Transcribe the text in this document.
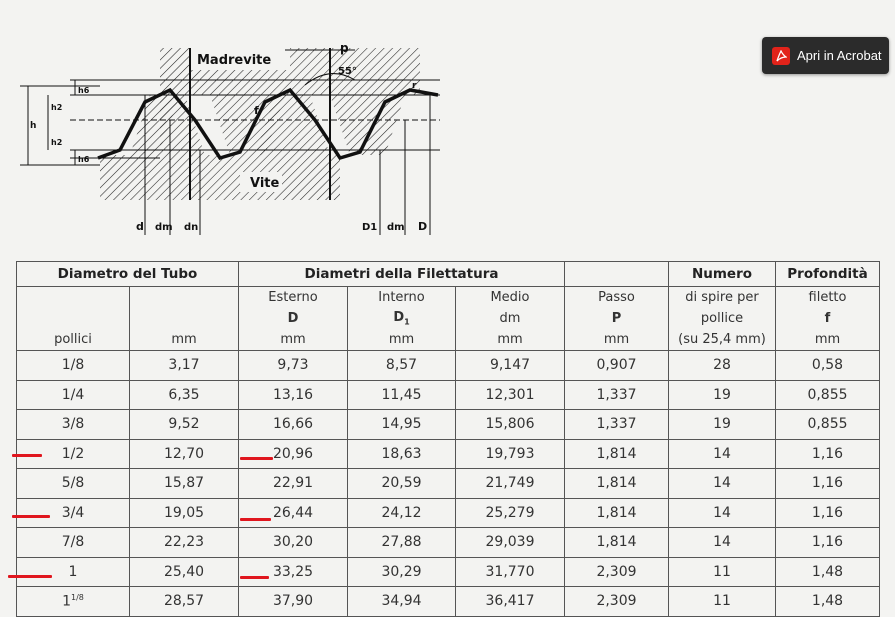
Apri in Acrobat
Madrevite
Vite
p
55°
h6
h2
h
h2
h6
f
r
d dm dn	D1 dm D
Diametro del Tubo		Diametri della Filettatura				Numero	Profondità
		Esterno	Interno	Medio	Passo	di spire per	filetto
		D	$D_1$	dm	P	pollice	f
pollici	mm	mm	mm	mm	mm	(su 25,4 mm)	mm
1/8	3,17	9,73	8,57	9,147	0,907	28	0,58
1/4	6,35	13,16	11,45	12,301	1,337	19	0,855
3/8	9,52	16,66	14,95	15,806	1,337	19	0,855
1/2	12,70	20,96	18,63	19,793	1,814	14	1,16
5/8	15,87	22,91	20,59	21,749	1,814	14	1,16
3/4	19,05	26,44	24,12	25,279	1,814	14	1,16
7/8	22,23	30,20	27,88	29,039	1,814	14	1,16
1	25,40	33,25	30,29	31,770	2,309	11	1,48
$1^{1/8}$	28,57	37,90	34,94	36,417	2,309	11	1,48
